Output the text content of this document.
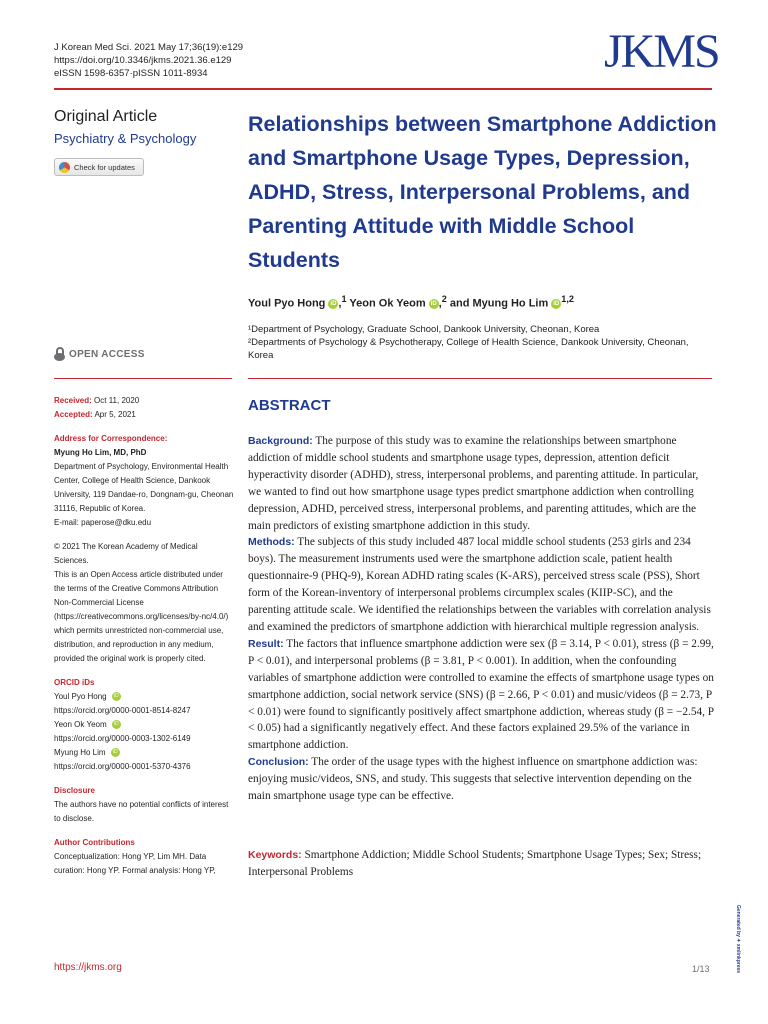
J Korean Med Sci. 2021 May 17;36(19):e129
https://doi.org/10.3346/jkms.2021.36.e129
eISSN 1598-6357·pISSN 1011-8934	JKMS
Original Article
Psychiatry & Psychology
Check for updates
Relationships between Smartphone Addiction and Smartphone Usage Types, Depression, ADHD, Stress, Interpersonal Problems, and Parenting Attitude with Middle School Students
Youl Pyo Hong iD ,$^1$ Yeon Ok Yeom iD ,$^2$ and Myung Ho Lim iD $^{1,2}$
¹Department of Psychology, Graduate School, Dankook University, Cheonan, Korea
²Departments of Psychology & Psychotherapy, College of Health Science, Dankook University, Cheonan, Korea
OPEN ACCESS
Received: Oct 11, 2020
Accepted: Apr 5, 2021
Address for Correspondence:
Myung Ho Lim, MD, PhD
Department of Psychology, Environmental Health Center, College of Health Science, Dankook University, 119 Dandae-ro, Dongnam-gu, Cheonan 31116, Republic of Korea.
E-mail: paperose@dku.edu
© 2021 The Korean Academy of Medical Sciences.
This is an Open Access article distributed under the terms of the Creative Commons Attribution Non-Commercial License (https://creativecommons.org/licenses/by-nc/4.0/) which permits unrestricted non-commercial use, distribution, and reproduction in any medium, provided the original work is properly cited.
ORCID iDs
Youl Pyo Hong iD
https://orcid.org/0000-0001-8514-8247
Yeon Ok Yeom iD
https://orcid.org/0000-0003-1302-6149
Myung Ho Lim iD
https://orcid.org/0000-0001-5370-4376
Disclosure
The authors have no potential conflicts of interest to disclose.
Author Contributions
Conceptualization: Hong YP, Lim MH. Data curation: Hong YP. Formal analysis: Hong YP,
ABSTRACT

Background: The purpose of this study was to examine the relationships between smartphone addiction of middle school students and smartphone usage types, depression, attention deficit hyperactivity disorder (ADHD), stress, interpersonal problems, and parenting attitude. In particular, we wanted to find out how smartphone usage types predict smartphone addiction when controlling depression, ADHD, perceived stress, interpersonal problems, and parenting attitudes, which are the main predictors of existing smartphone addiction in this study.

Methods: The subjects of this study included 487 local middle school students (253 girls and 234 boys). The measurement instruments used were the smartphone addiction scale, patient health questionnaire-9 (PHQ-9), Korean ADHD rating scales (K-ARS), perceived stress scale (PSS), Short form of the Korean-inventory of interpersonal problems circumplex scales (KIIP-SC), and the parenting attitude scale. We identified the relationships between the variables with correlation analysis and examined the predictors of smartphone addiction with hierarchical multiple regression analysis.

Result: The factors that influence smartphone addiction were sex (β = 3.14, P < 0.01), stress (β = 2.99, P < 0.01), and interpersonal problems (β = 3.81, P < 0.001). In addition, when the confounding variables of smartphone addiction were controlled to examine the effects of smartphone usage types on smartphone addiction, social network service (SNS) (β = 2.66, P < 0.01) and music/videos (β = 2.73, P < 0.01) were found to significantly positively affect smartphone addiction, whereas study (β = −2.54, P < 0.05) had a significantly negatively effect. And these factors explained 29.5% of the variance in smartphone addiction.

Conclusion: The order of the usage types with the highest influence on smartphone addiction was: enjoying music/videos, SNS, and study. This suggests that selective intervention depending on the main smartphone usage type can be effective.

Keywords: Smartphone Addiction; Middle School Students; Smartphone Usage Types; Sex; Stress; Interpersonal Problems
Generated by ✦ xmlinkpress
https://jkms.org	1/13
